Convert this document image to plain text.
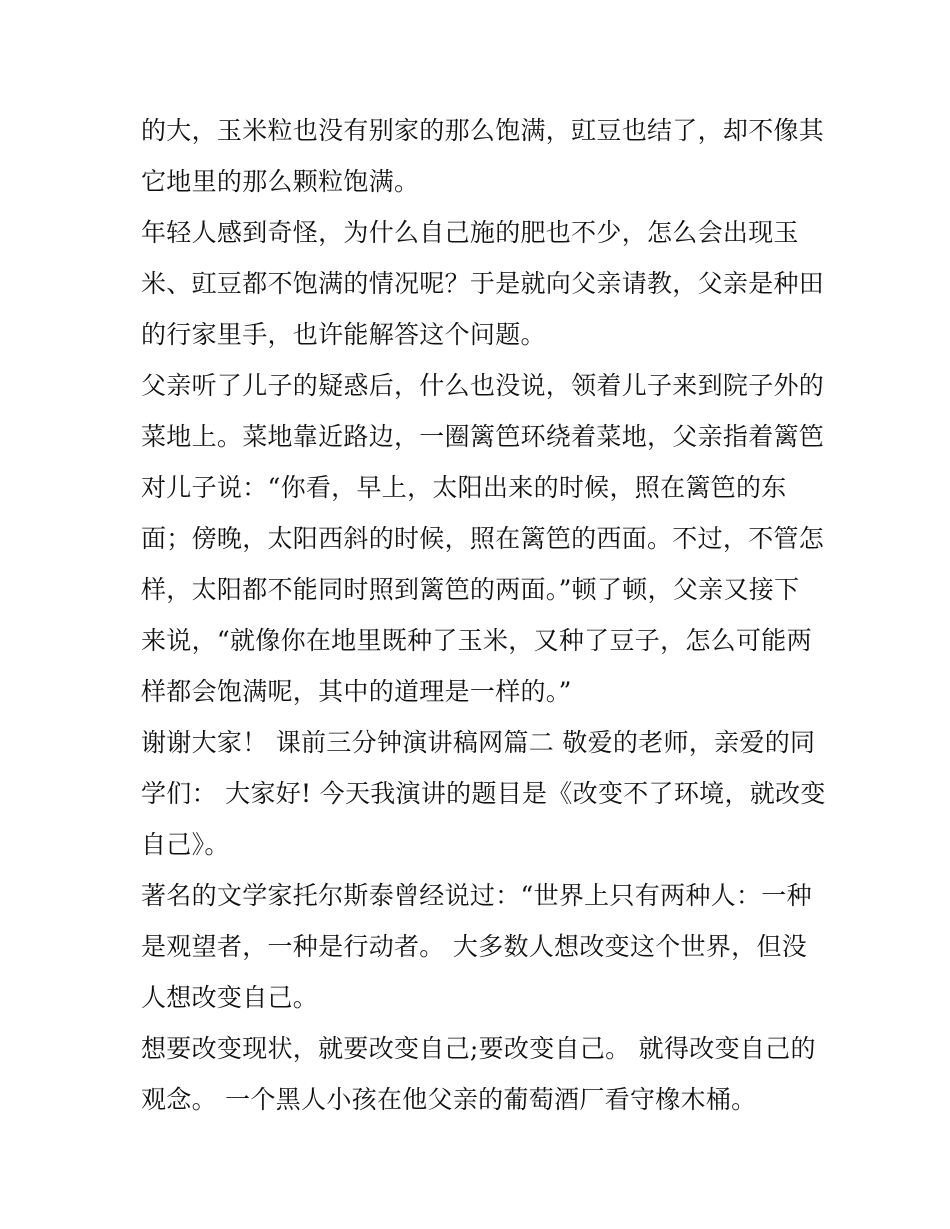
的大，玉米粒也没有别家的那么饱满，豇豆也结了，却不像其
它地里的那么颗粒饱满。
年轻人感到奇怪，为什么自己施的肥也不少，怎么会出现玉
米、豇豆都不饱满的情况呢？于是就向父亲请教，父亲是种田
的行家里手，也许能解答这个问题。
父亲听了儿子的疑惑后，什么也没说，领着儿子来到院子外的
菜地上。菜地靠近路边，一圈篱笆环绕着菜地，父亲指着篱笆
对儿子说：“你看，早上，太阳出来的时候，照在篱笆的东
面；傍晚，太阳西斜的时候，照在篱笆的西面。不过，不管怎
样，太阳都不能同时照到篱笆的两面。”顿了顿，父亲又接下
来说，“就像你在地里既种了玉米，又种了豆子，怎么可能两
样都会饱满呢，其中的道理是一样的。”
谢谢大家！ 课前三分钟演讲稿网篇二 敬爱的老师，亲爱的同
学们： 大家好! 今天我演讲的题目是《改变不了环境，就改变
自己》。
著名的文学家托尔斯泰曾经说过：“世界上只有两种人：一种
是观望者，一种是行动者。 大多数人想改变这个世界，但没
人想改变自己。
想要改变现状，就要改变自己;要改变自己。 就得改变自己的
观念。 一个黑人小孩在他父亲的葡萄酒厂看守橡木桶。
